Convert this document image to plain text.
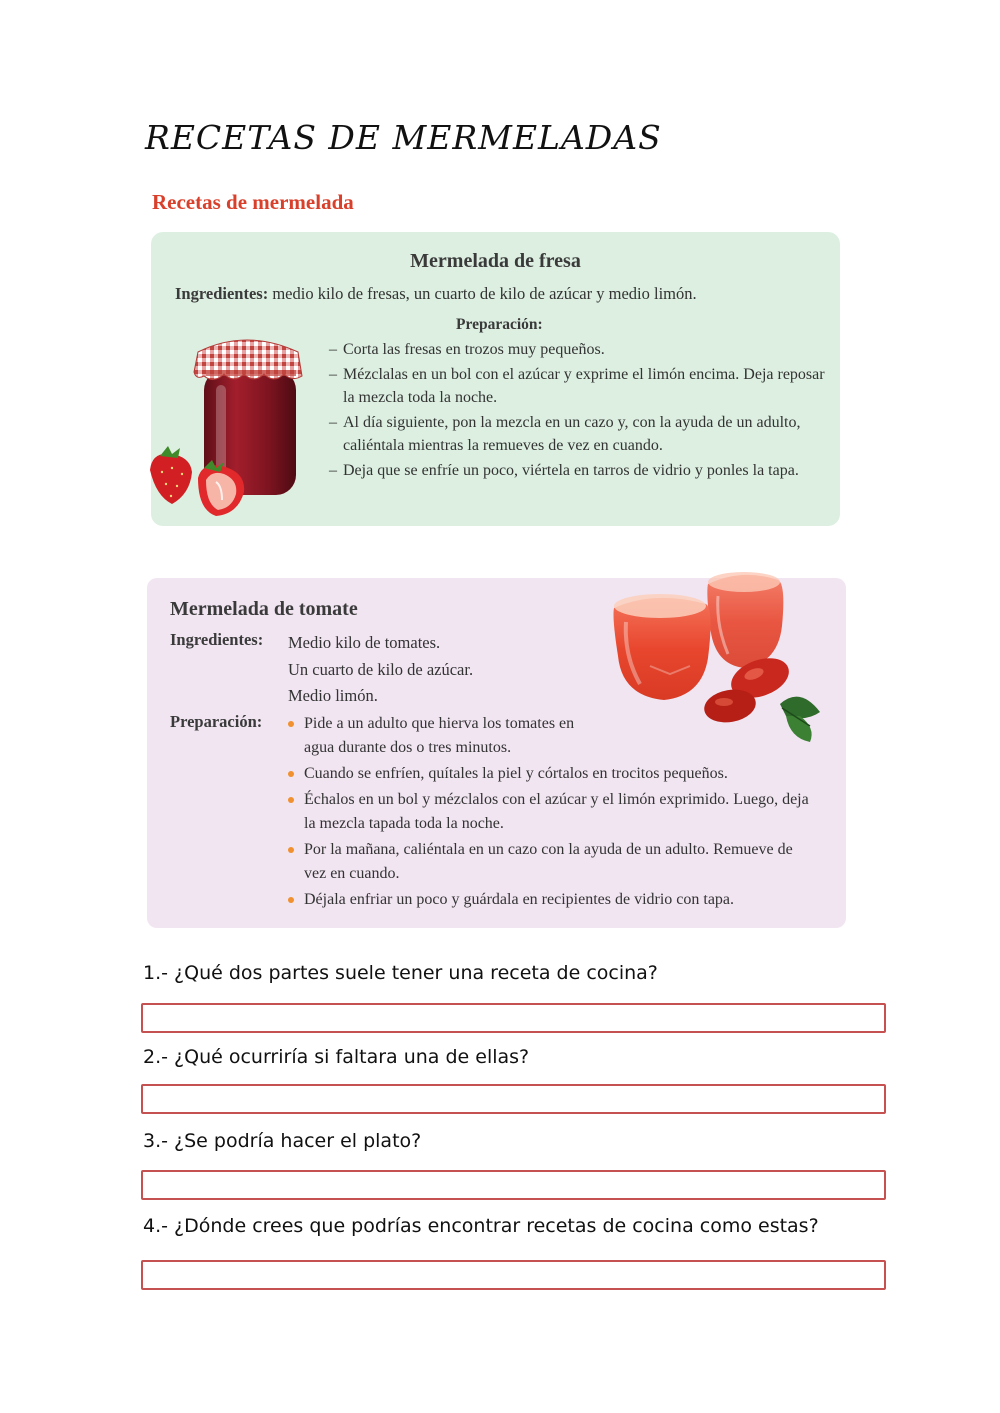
RECETAS DE MERMELADAS
Recetas de mermelada
Mermelada de fresa
Ingredientes: medio kilo de fresas, un cuarto de kilo de azúcar y medio limón.
Preparación:
– Corta las fresas en trozos muy pequeños.
– Mézclalas en un bol con el azúcar y exprime el limón encima. Deja reposar la mezcla toda la noche.
– Al día siguiente, pon la mezcla en un cazo y, con la ayuda de un adulto, caliéntala mientras la remueves de vez en cuando.
– Deja que se enfríe un poco, viértela en tarros de vidrio y ponles la tapa.
Mermelada de tomate
Ingredientes: Medio kilo de tomates.
Un cuarto de kilo de azúcar.
Medio limón.
Preparación:	Pide a un adulto que hierva los tomates en agua durante dos o tres minutos.
Cuando se enfríen, quítales la piel y córtalos en trocitos pequeños.
Échalos en un bol y mézclalos con el azúcar y el limón exprimido. Luego, deja la mezcla tapada toda la noche.
Por la mañana, caliéntala en un cazo con la ayuda de un adulto. Remueve de vez en cuando.
Déjala enfriar un poco y guárdala en recipientes de vidrio con tapa.
1.- ¿Qué dos partes suele tener una receta de cocina?
2.- ¿Qué ocurriría si faltara una de ellas?
3.- ¿Se podría hacer el plato?
4.- ¿Dónde crees que podrías encontrar recetas de cocina como estas?
